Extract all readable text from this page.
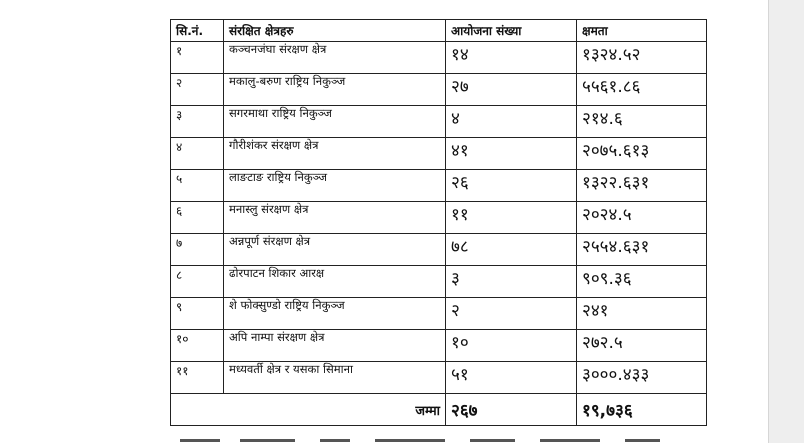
सि.नं.	संरक्षित क्षेत्रहरु	आयोजना संख्या	क्षमता
१	कञ्चनजंघा संरक्षण क्षेत्र	१४	१३२४.५२
२	मकालु-बरुण राष्ट्रिय निकुञ्ज	२७	५५६१.८६
३	सगरमाथा राष्ट्रिय निकुञ्ज	४	२१४.६
४	गौरीशंकर संरक्षण क्षेत्र	४१	२०७५.६१३
५	लाङटाङ राष्ट्रिय निकुञ्ज	२६	१३२२.६३१
६	मनास्लु संरक्षण क्षेत्र	११	२०२४.५
७	अन्नपूर्ण संरक्षण क्षेत्र	७८	२५५४.६३१
८	ढोरपाटन शिकार आरक्ष	३	९०९.३६
९	शे फोक्सुण्डो राष्ट्रिय निकुञ्ज	२	२४१
१०	अपि नाम्पा संरक्षण क्षेत्र	१०	२७२.५
११	मध्यवर्ती क्षेत्र र यसका सिमाना	५१	३०००.४३३
जम्मा		२६७	१९,७३६
